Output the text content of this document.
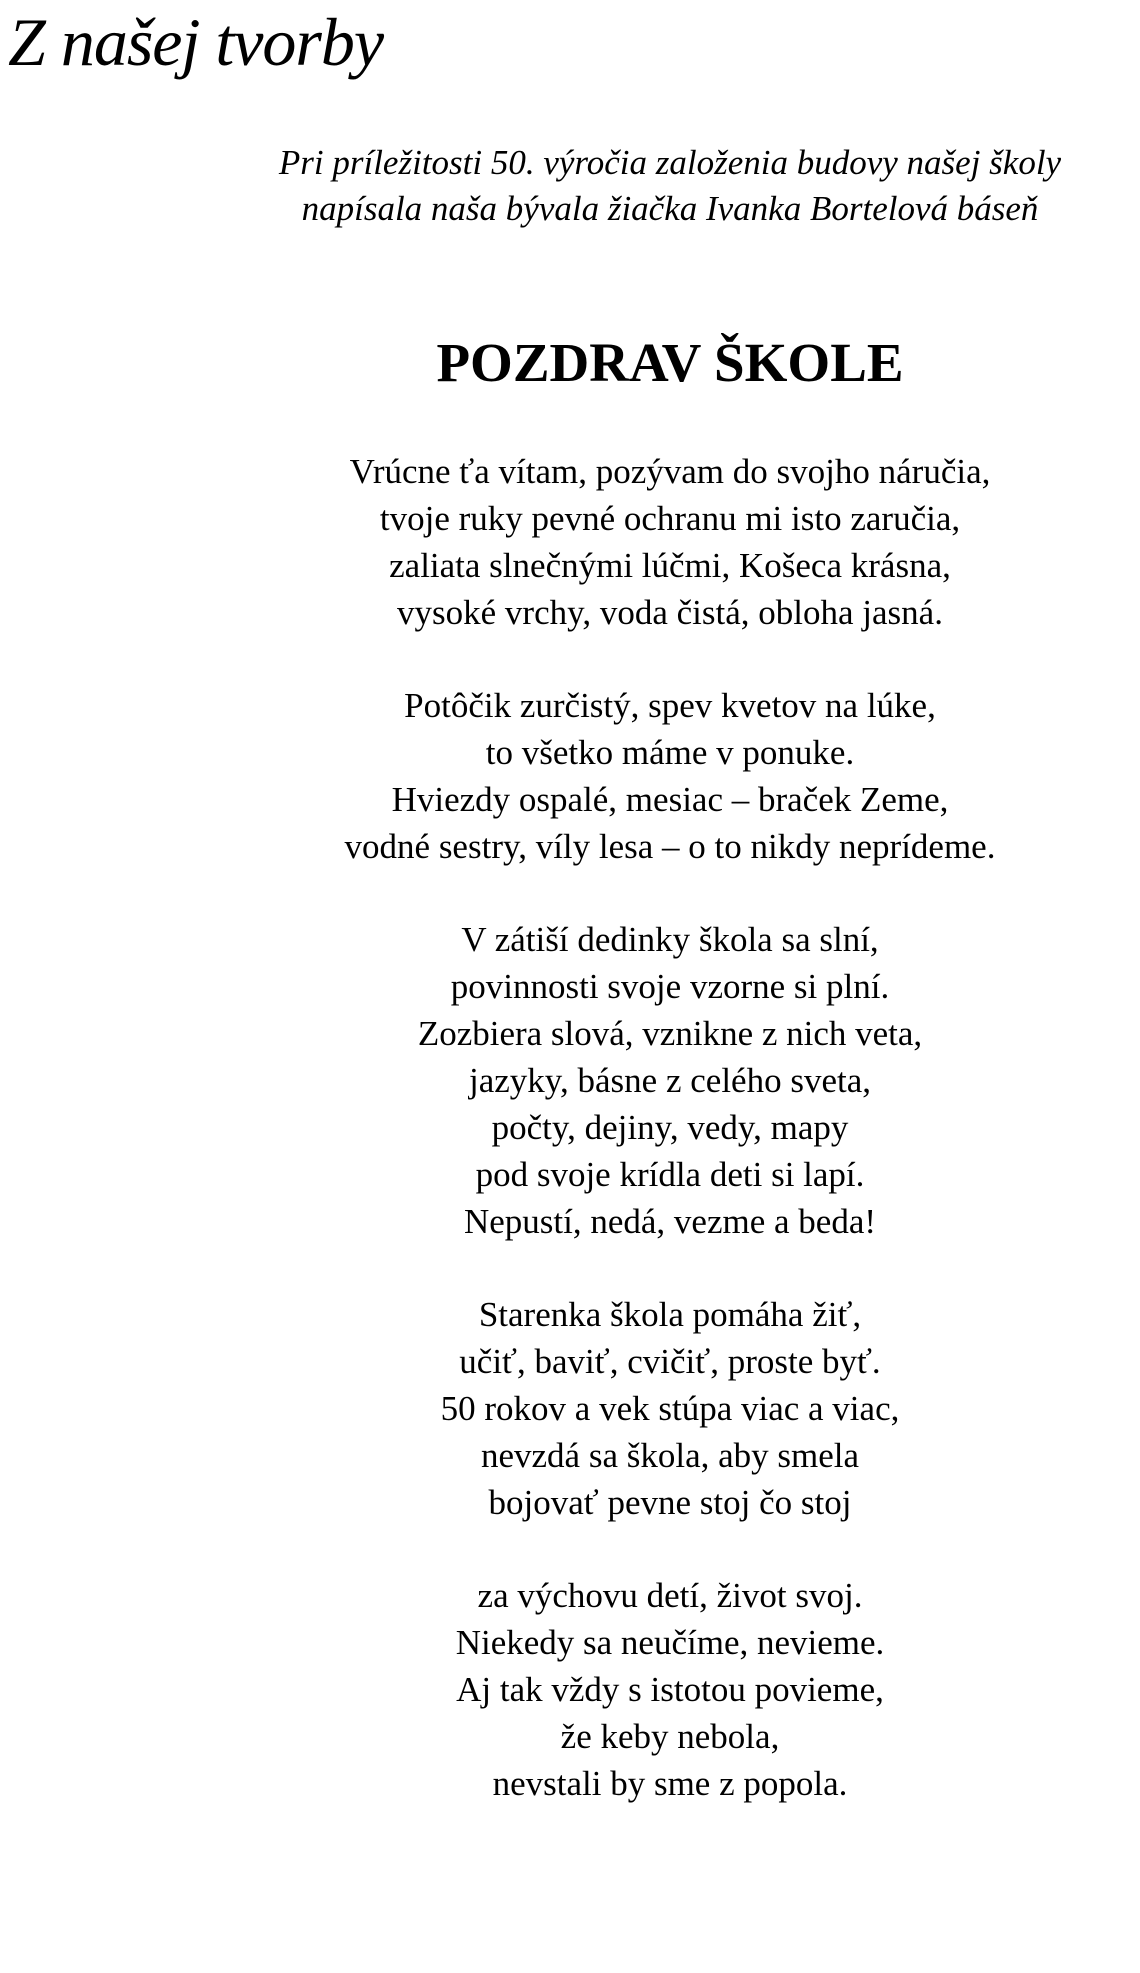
Z našej tvorby
Pri príležitosti 50. výročia založenia budovy našej školy
napísala naša bývala žiačka Ivanka Bortelová báseň
POZDRAV ŠKOLE
Vrúcne ťa vítam, pozývam do svojho náručia,
tvoje ruky pevné ochranu mi isto zaručia,
zaliata slnečnými lúčmi, Košeca krásna,
vysoké vrchy, voda čistá, obloha jasná.
Potôčik zurčistý, spev kvetov na lúke,
to všetko máme v ponuke.
Hviezdy ospalé, mesiac – braček Zeme,
vodné sestry, víly lesa – o to nikdy neprídeme.
V zátiší dedinky škola sa slní,
povinnosti svoje vzorne si plní.
Zozbiera slová, vznikne z nich veta,
jazyky, básne z celého sveta,
počty, dejiny, vedy, mapy
pod svoje krídla deti si lapí.
Nepustí, nedá, vezme a beda!
Starenka škola pomáha žiť,
učiť, baviť, cvičiť, proste byť.
50 rokov a vek stúpa viac a viac,
nevzdá sa škola, aby smela
bojovať pevne stoj čo stoj
za výchovu detí, život svoj.
Niekedy sa neučíme, nevieme.
Aj tak vždy s istotou povieme,
že keby nebola,
nevstali by sme z popola.
